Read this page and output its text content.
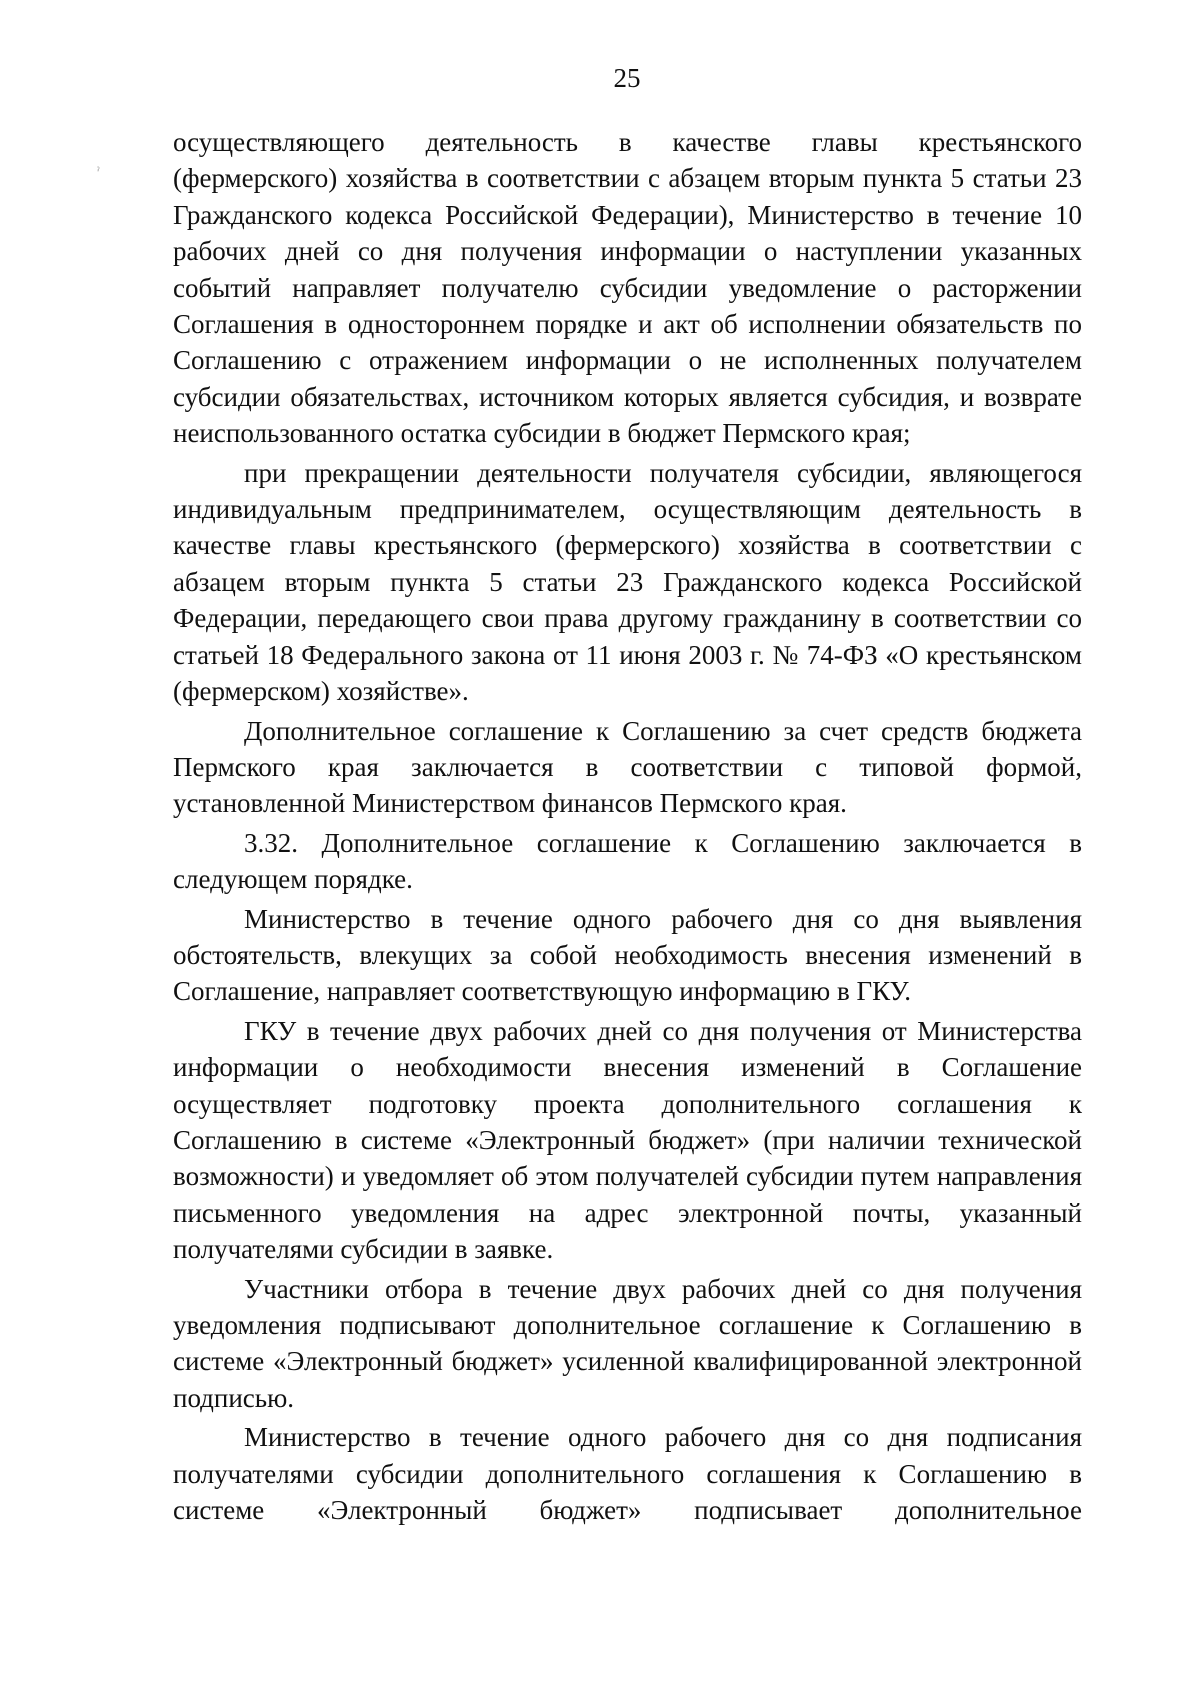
25
ˀ

осуществляющего деятельность в качестве главы крестьянского (фермерского) хозяйства в соответствии с абзацем вторым пункта 5 статьи 23 Гражданского кодекса Российской Федерации), Министерство в течение 10 рабочих дней со дня получения информации о наступлении указанных событий направляет получателю субсидии уведомление о расторжении Соглашения в одностороннем порядке и акт об исполнении обязательств по Соглашению с отражением информации о не исполненных получателем субсидии обязательствах, источником которых является субсидия, и возврате неиспользованного остатка субсидии в бюджет Пермского края;

при прекращении деятельности получателя субсидии, являющегося индивидуальным предпринимателем, осуществляющим деятельность в качестве главы крестьянского (фермерского) хозяйства в соответствии с абзацем вторым пункта 5 статьи 23 Гражданского кодекса Российской Федерации, передающего свои права другому гражданину в соответствии со статьей 18 Федерального закона от 11 июня 2003 г. № 74-ФЗ «О крестьянском (фермерском) хозяйстве».

Дополнительное соглашение к Соглашению за счет средств бюджета Пермского края заключается в соответствии с типовой формой, установленной Министерством финансов Пермского края.

3.32. Дополнительное соглашение к Соглашению заключается в следующем порядке.

Министерство в течение одного рабочего дня со дня выявления обстоятельств, влекущих за собой необходимость внесения изменений в Соглашение, направляет соответствующую информацию в ГКУ.

ГКУ в течение двух рабочих дней со дня получения от Министерства информации о необходимости внесения изменений в Соглашение осуществляет подготовку проекта дополнительного соглашения к Соглашению в системе «Электронный бюджет» (при наличии технической возможности) и уведомляет об этом получателей субсидии путем направления письменного уведомления на адрес электронной почты, указанный получателями субсидии в заявке.

Участники отбора в течение двух рабочих дней со дня получения уведомления подписывают дополнительное соглашение к Соглашению в системе «Электронный бюджет» усиленной квалифицированной электронной подписью.

Министерство в течение одного рабочего дня со дня подписания получателями субсидии дополнительного соглашения к Соглашению в системе «Электронный бюджет» подписывает дополнительное
